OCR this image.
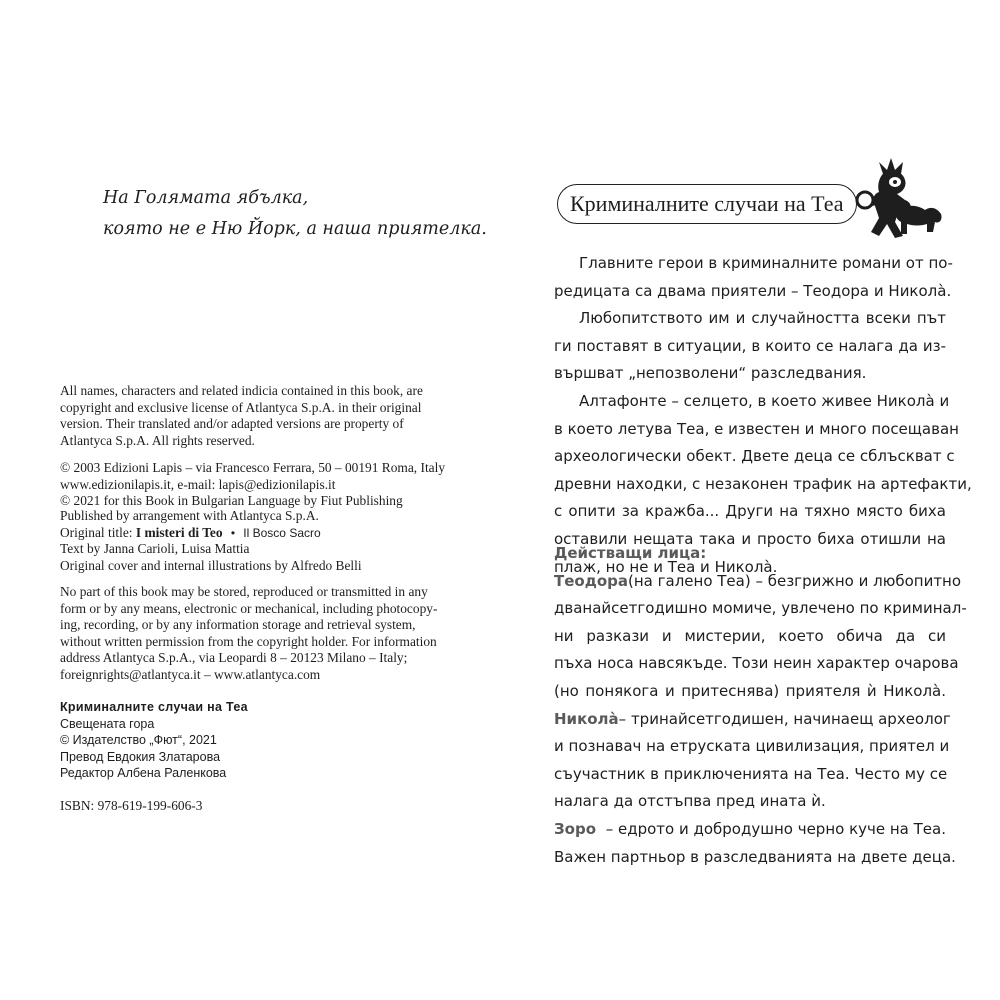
На Голямата ябълка,
която не е Ню Йорк, а наша приятелка.
All names, characters and related indicia contained in this book, are
copyright and exclusive license of Atlantyca S.p.A. in their original
version. Their translated and/or adapted versions are property of
Atlantyca S.p.A. All rights reserved.
© 2003 Edizioni Lapis – via Francesco Ferrara, 50 – 00191 Roma, Italy
www.edizionilapis.it, e-mail: lapis@edizionilapis.it
© 2021 for this Book in Bulgarian Language by Fiut Publishing
Published by arrangement with Atlantyca S.p.A.
Original title: I misteri di Teo • Il Bosco Sacro
Text by Janna Carioli, Luisa Mattia
Original cover and internal illustrations by Alfredo Belli
No part of this book may be stored, reproduced or transmitted in any
form or by any means, electronic or mechanical, including photocopy-
ing, recording, or by any information storage and retrieval system,
without written permission from the copyright holder. For information
address Atlantyca S.p.A., via Leopardi 8 – 20123 Milano – Italy;
foreignrights@atlantyca.it – www.atlantyca.com
Криминалните случаи на Теа
Свещената гора
© Издателство „Фют“, 2021
Превод Евдокия Златарова
Редактор Албена Раленкова
ISBN: 978-619-199-606-3
Криминалните случаи на Теа
Главните герои в криминалните романи от по-
редицата са двама приятели – Теодора и Николà.
Любопитството им и случайността всеки път
ги поставят в ситуации, в които се налага да из-
вършват „непозволени“ разследвания.
Алтафонте – селцето, в което живее Николà и
в което летува Теа, е известен и много посещаван
археологически обект. Двете деца се сблъскват с
древни находки, с незаконен трафик на артефакти,
с опити за кражба... Други на тяхно място биха
оставили нещата така и просто биха отишли на
плаж, но не и Теа и Николà.
Действащи лица:
Теодора (на галено Теа) – безгрижно и любопитно
дванайсетгодишно момиче, увлечено по криминал-
ни разкази и мистерии, което обича да си
пъха носа навсякъде. Този неин характер очарова
(но понякога и притеснява) приятеля ѝ Николà.
Николà – тринайсетгодишен, начинаещ археолог
и познавач на етруската цивилизация, приятел и
съучастник в приключенията на Теа. Често му се
налага да отстъпва пред ината ѝ.
Зоро – едрото и добродушно черно куче на Теа.
Важен партньор в разследванията на двете деца.
